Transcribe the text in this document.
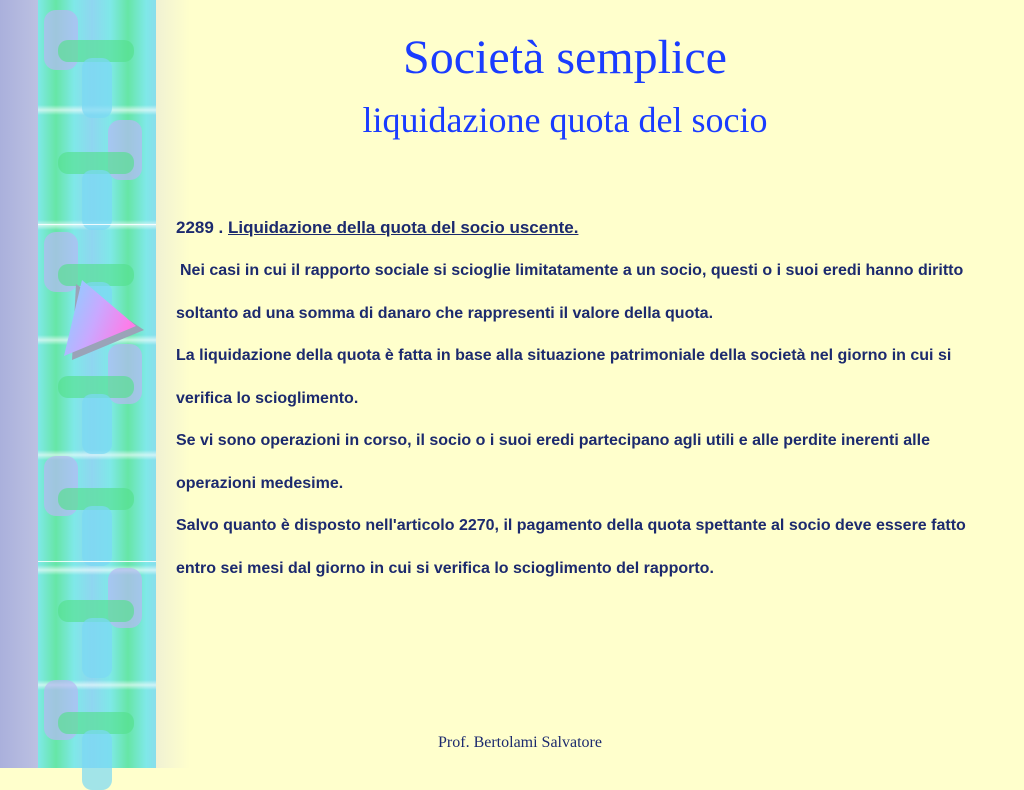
Società semplice
liquidazione quota del socio
2289 . Liquidazione della quota del socio uscente.

Nei casi in cui il rapporto sociale si scioglie limitatamente a un socio, questi o i suoi eredi hanno diritto soltanto ad una somma di danaro che rappresenti il valore della quota.

La liquidazione della quota è fatta in base alla situazione patrimoniale della società nel giorno in cui si verifica lo scioglimento.

Se vi sono operazioni in corso, il socio o i suoi eredi partecipano agli utili e alle perdite inerenti alle operazioni medesime.

Salvo quanto è disposto nell'articolo 2270, il pagamento della quota spettante al socio deve essere fatto entro sei mesi dal giorno in cui si verifica lo scioglimento del rapporto.

Prof. Bertolami Salvatore
